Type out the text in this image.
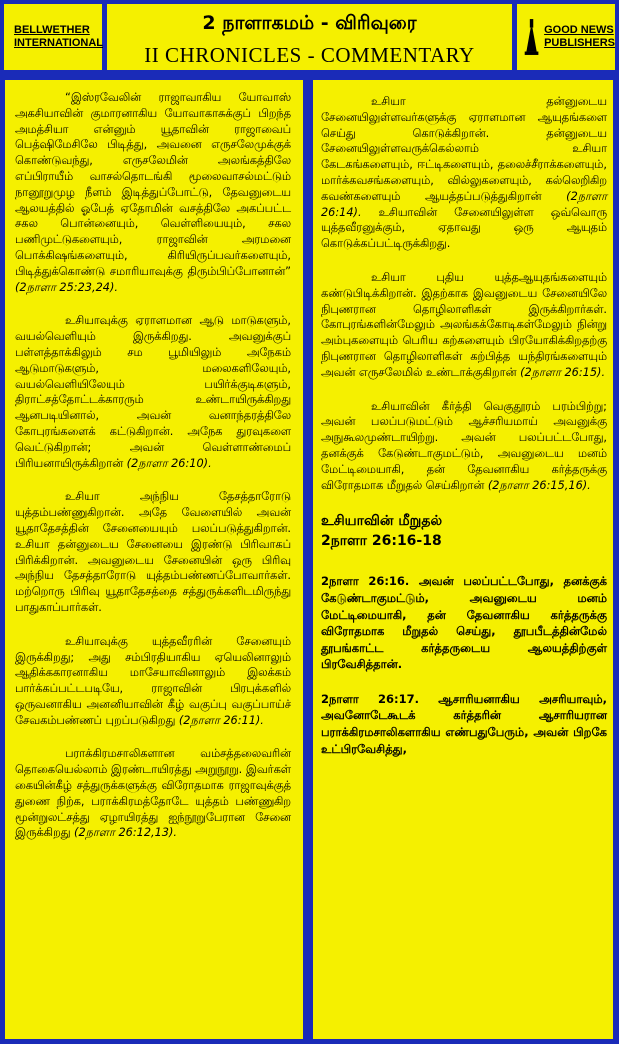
BELLWETHER
INTERNATIONAL
2 நாளாகமம் - விரிவுரை
II CHRONICLES - COMMENTARY
GOOD NEWS
PUBLISHERS

“இஸ்ரவேலின் ராஜாவாகிய யோவாஸ் அகசியாவின் குமாரனாகிய யோவாகாசுக்குப் பிறந்த அமத்சியா என்னும் யூதாவின் ராஜாவைப் பெத்ஷிமேசிலே பிடித்து, அவனை எருசலேமுக்குக் கொண்டுவந்து, எருசலேமின் அலங்கத்திலே எப்பிராயீம் வாசல்தொடங்கி மூலைவாசல்மட்டும் நானூறுமுழ நீளம் இடித்துப்போட்டு, தேவனுடைய ஆலயத்தில் ஓபேத் ஏதோமின் வசத்திலே அகப்பட்ட சகல பொன்னையும், வெள்ளியையும், சகல பணிமுட்டுகளையும், ராஜாவின் அரமனை பொக்கிஷங்களையும், கிரியிருப்பவர்களையும், பிடித்துக்கொண்டு சமாரியாவுக்கு திரும்பிப்போனான்” (2நாளா 25:23,24).

உசியாவுக்கு ஏராளமான ஆடு மாடுகளும், வயல்வெளியும் இருக்கிறது. அவனுக்குப் பள்ளத்தாக்கிலும் சம பூமியிலும் அநேகம் ஆடுமாடுகளும், மலைகளிலேயும், வயல்வெளியிலேயும் பயிர்க்குடிகளும், திராட்சத்தோட்டக்காரரும் உண்டாயிருக்கிறது ஆனபடியினால், அவன் வனாந்தரத்திலே கோபுரங்களைக் கட்டுகிறான். அநேக துரவுகளை வெட்டுகிறான்; அவன் வெள்ளாண்மைப் பிரியனாயிருக்கிறான் (2நாளா 26:10).

உசியா அந்நிய தேசத்தாரோடு யுத்தம்பண்ணுகிறான். அதே வேளையில் அவன் யூதாதேசத்தின் சேனையையும் பலப்படுத்துகிறான். உசியா தன்னுடைய சேனையை இரண்டு பிரிவாகப் பிரிக்கிறான். அவனுடைய சேனையின் ஒரு பிரிவு அந்நிய தேசத்தாரோடு யுத்தம்பண்ணப்போவார்கள். மற்றொரு பிரிவு யூதாதேசத்தை சத்துருக்களிடமிருந்து பாதுகாப்பார்கள்.

உசியாவுக்கு யுத்தவீரரின் சேனையும் இருக்கிறது; அது சம்பிரதியாகிய ஏயெலினாலும் ஆதிக்ககாரனாகிய மாசேயாவினாலும் இலக்கம் பார்க்கப்பட்டபடியே, ராஜாவின் பிரபுக்களில் ஒருவனாகிய அனனியாவின் கீழ் வகுப்பு வகுப்பாய்ச் சேவகம்பண்ணப் புறப்படுகிறது (2நாளா 26:11).

பராக்கிரமசாலிகளான வம்சத்தலைவரின் தொகையெல்லாம் இரண்டாயிரத்து அறுநூறு. இவர்கள் கையின்கீழ் சத்துருக்களுக்கு விரோதமாக ராஜாவுக்குத் துணை நிற்க, பராக்கிரமத்தோடே யுத்தம் பண்ணுகிற மூன்றுலட்சத்து ஏழாயிரத்து ஐந்நூறுபேரான சேனை இருக்கிறது (2நாளா 26:12,13).

உசியா தன்னுடைய சேனையிலுள்ளவர்களுக்கு ஏராளமான ஆயுதங்களை செய்து கொடுக்கிறான். தன்னுடைய சேனையிலுள்ளவருக்கெல்லாம் உசியா கேடகங்களையும், ஈட்டிகளையும், தலைச்சீராக்களையும், மார்க்கவசங்களையும், வில்லுகளையும், கல்லெறிகிற கவண்களையும் ஆயத்தப்படுத்துகிறான் (2நாளா 26:14). உசியாவின் சேனையிலுள்ள ஒவ்வொரு யுத்தவீரனுக்கும், ஏதாவது ஒரு ஆயுதம் கொடுக்கப்பட்டிருக்கிறது.

உசியா புதிய யுத்தஆயுதங்களையும் கண்டுபிடிக்கிறான். இதற்காக இவனுடைய சேனையிலே நிபுணரான தொழிலாளிகள் இருக்கிறார்கள். கோபுரங்களின்மேலும் அலங்கக்கோடிகள்மேலும் நின்று அம்புகளையும் பெரிய கற்களையும் பிரயோகிக்கிறதற்கு நிபுணரான தொழிலாளிகள் கற்பித்த யந்திரங்களையும் அவன் எருசலேமில் உண்டாக்குகிறான் (2நாளா 26:15).

உசியாவின் கீர்த்தி வெகுதூரம் பரம்பிற்று; அவன் பலப்படுமட்டும் ஆச்சரியமாய் அவனுக்கு அநுகூலமுண்டாயிற்று. அவன் பலப்பட்டபோது, தனக்குக் கேடுண்டாகுமட்டும், அவனுடைய மனம் மேட்டிமையாகி, தன் தேவனாகிய கர்த்தருக்கு விரோதமாக மீறுதல் செய்கிறான் (2நாளா 26:15,16).

உசியாவின் மீறுதல்
2நாளா 26:16-18

2நாளா 26:16. அவன் பலப்பட்டபோது, தனக்குக் கேடுண்டாகுமட்டும், அவனுடைய மனம் மேட்டிமையாகி, தன் தேவனாகிய கர்த்தருக்கு விரோதமாக மீறுதல் செய்து, தூபபீடத்தின்மேல் தூபங்காட்ட கர்த்தருடைய ஆலயத்திற்குள் பிரவேசித்தான்.

2நாளா 26:17. ஆசாரியனாகிய அசரியாவும், அவனோடேகூடக் கர்த்தரின் ஆசாரியரான பராக்கிரமசாலிகளாகிய எண்பதுபேரும், அவன் பிறகே உட்பிரவேசித்து,
